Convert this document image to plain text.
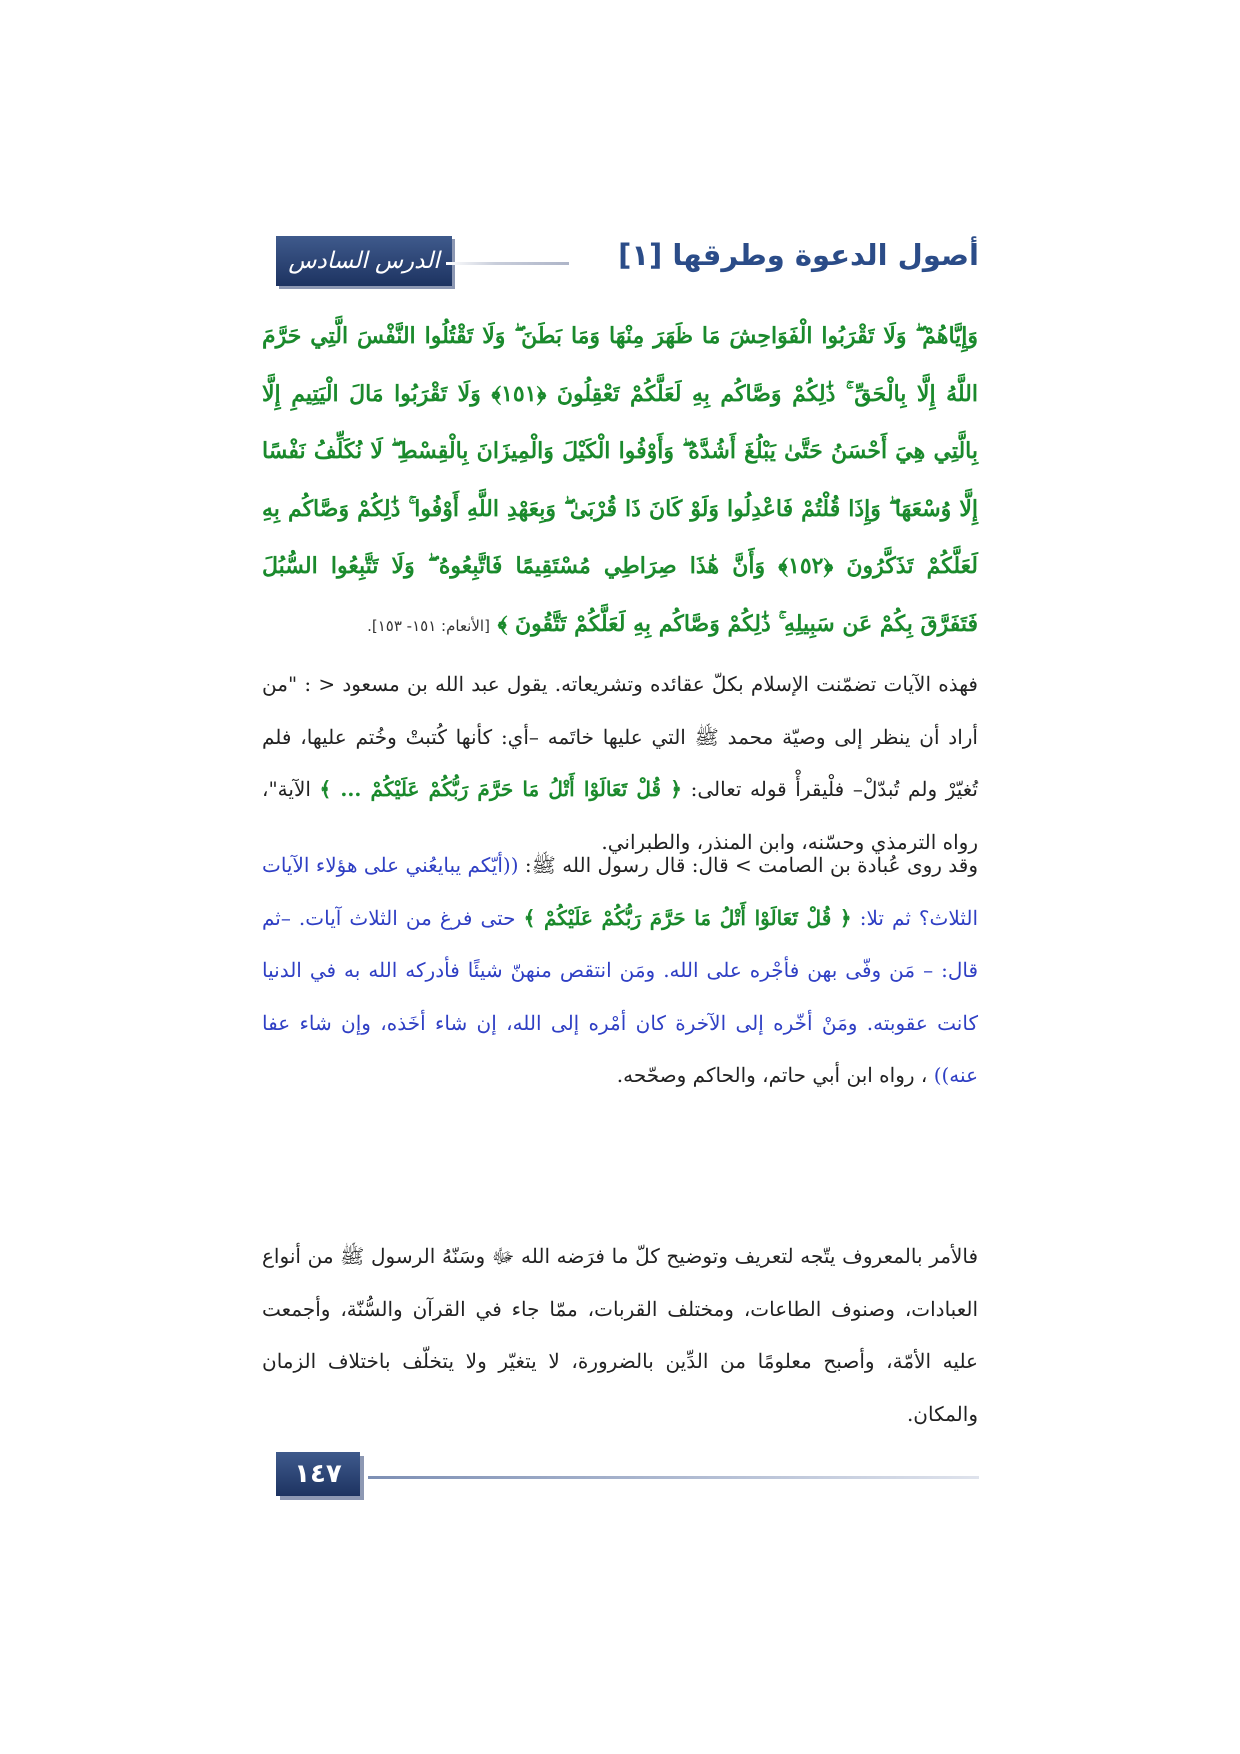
الدرس السادس	أصول الدعوة وطرقها [١]
وَإِيَّاهُمْ ۖ وَلَا تَقْرَبُوا الْفَوَاحِشَ مَا ظَهَرَ مِنْهَا وَمَا بَطَنَ ۖ وَلَا تَقْتُلُوا النَّفْسَ الَّتِي حَرَّمَ اللَّهُ إِلَّا بِالْحَقِّ ۚ ذَٰلِكُمْ وَصَّاكُم بِهِ لَعَلَّكُمْ تَعْقِلُونَ ﴿١٥١﴾ وَلَا تَقْرَبُوا مَالَ الْيَتِيمِ إِلَّا بِالَّتِي هِيَ أَحْسَنُ حَتَّىٰ يَبْلُغَ أَشُدَّهُ ۖ وَأَوْفُوا الْكَيْلَ وَالْمِيزَانَ بِالْقِسْطِ ۖ لَا نُكَلِّفُ نَفْسًا إِلَّا وُسْعَهَا ۖ وَإِذَا قُلْتُمْ فَاعْدِلُوا وَلَوْ كَانَ ذَا قُرْبَىٰ ۖ وَبِعَهْدِ اللَّهِ أَوْفُوا ۚ ذَٰلِكُمْ وَصَّاكُم بِهِ لَعَلَّكُمْ تَذَكَّرُونَ ﴿١٥٢﴾ وَأَنَّ هَٰذَا صِرَاطِي مُسْتَقِيمًا فَاتَّبِعُوهُ ۖ وَلَا تَتَّبِعُوا السُّبُلَ فَتَفَرَّقَ بِكُمْ عَن سَبِيلِهِ ۚ ذَٰلِكُمْ وَصَّاكُم بِهِ لَعَلَّكُمْ تَتَّقُونَ ﴾ [الأنعام: ١٥١- ١٥٣].

فهذه الآيات تضمّنت الإسلام بكلّ عقائده وتشريعاته. يقول عبد الله بن مسعود < : "من أراد أن ينظر إلى وصيّة محمد ﷺ التي عليها خاتَمه –أي: كأنها كُتبتْ وخُتم عليها، فلم تُغيّرْ ولم تُبدّلْ– فلْيقرأْ قوله تعالى: ﴿ قُلْ تَعَالَوْا أَتْلُ مَا حَرَّمَ رَبُّكُمْ عَلَيْكُمْ ... ﴾ الآية"، رواه الترمذي وحسّنه، وابن المنذر، والطبراني.

وقد روى عُبادة بن الصامت > قال: قال رسول الله ﷺ: ((أيّكم يبايعُني على هؤلاء الآيات الثلاث؟ ثم تلا: ﴿ قُلْ تَعَالَوْا أَتْلُ مَا حَرَّمَ رَبُّكُمْ عَلَيْكُمْ ﴾ حتى فرغ من الثلاث آيات. –ثم قال: – مَن وفّى بهن فأجْره على الله. ومَن انتقص منهنّ شيئًا فأدركه الله به في الدنيا كانت عقوبته. ومَنْ أخّره إلى الآخرة كان أمْره إلى الله، إن شاء أخَذه، وإن شاء عفا عنه)) ، رواه ابن أبي حاتم، والحاكم وصحّحه.

فالأمر بالمعروف يتّجه لتعريف وتوضيح كلّ ما فرَضه الله ﷻ وسَنّهُ الرسول ﷺ من أنواع العبادات، وصنوف الطاعات، ومختلف القربات، ممّا جاء في القرآن والسُّنّة، وأجمعت عليه الأمّة، وأصبح معلومًا من الدِّين بالضرورة، لا يتغيّر ولا يتخلّف باختلاف الزمان والمكان.

١٤٧
